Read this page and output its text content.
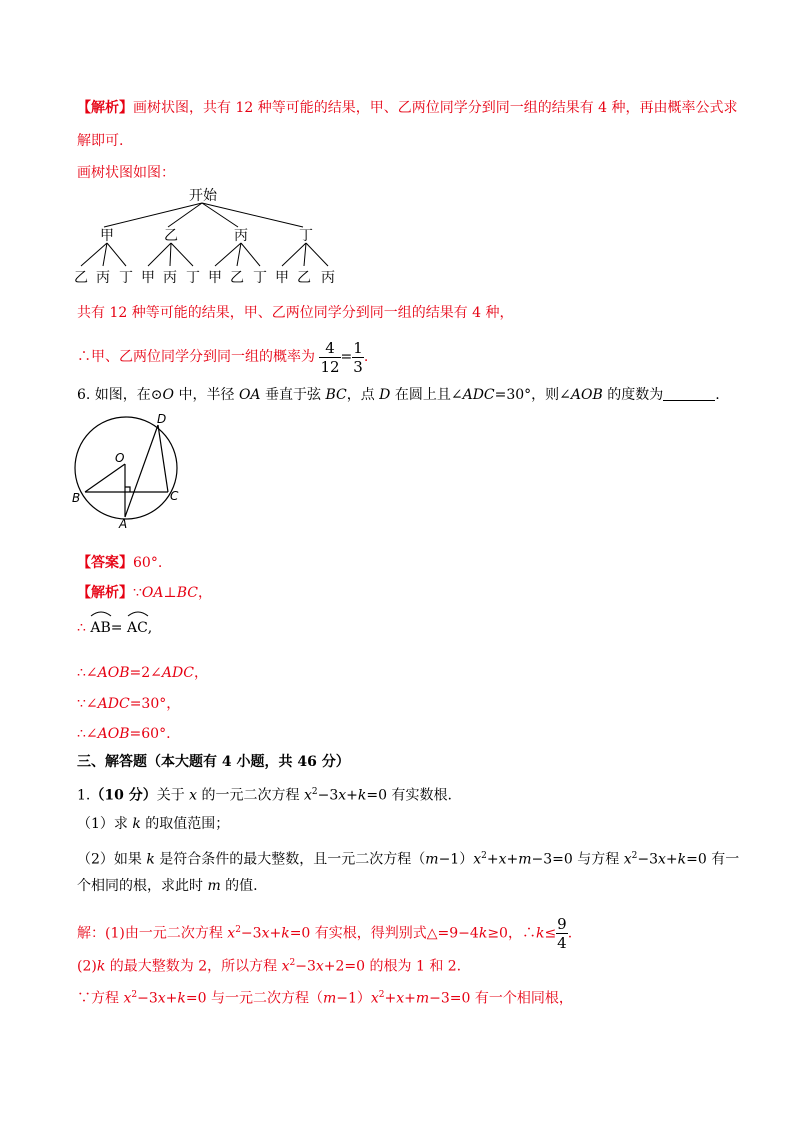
【解析】画树状图，共有 12 种等可能的结果，甲、乙两位同学分到同一组的结果有 4 种，再由概率公式求
解即可.
画树状图如图：
开始
甲	乙	丙	丁
乙 丙 丁 甲 丙 丁 甲 乙 丁 甲 乙 丙
共有 12 种等可能的结果，甲、乙两位同学分到同一组的结果有 4 种，
∴甲、乙两位同学分到同一组的概率为 $\frac{4}{12} = \frac{1}{3}$ .
6. 如图，在⊙O 中，半径 OA 垂直于弦 BC，点 D 在圆上且∠ADC=30°，则∠AOB 的度数为	.
O
A
B	C
D
【答案】60°.
【解析】∵OA⊥BC，
∴
AB=
AC,
∴∠AOB=2∠ADC，
∵∠ADC=30°，
∴∠AOB=60°.
三、解答题（本大题有 4 小题，共 46 分）
1.（10 分）关于 x 的一元二次方程 $x^2-3x+k=0$ 有实数根.
（1）求 k 的取值范围；
（2）如果 k 是符合条件的最大整数，且一元二次方程$(m-1)x^2+x+m-3=0$ 与方程 $x^2-3x+k=0$ 有一
个相同的根，求此时 m 的值.
解：(1)由一元二次方程 $x^2-3x+k=0$ 有实根，得判别式△=9−4k≥0，∴k≤ $\frac{9}{4}$ .
(2)k 的最大整数为 2，所以方程 $x^2-3x+2=0$ 的根为 1 和 2.
∵方程 $x^2-3x+k=0$ 与一元二次方程$(m-1)x^2+x+m-3=0$ 有一个相同根，
